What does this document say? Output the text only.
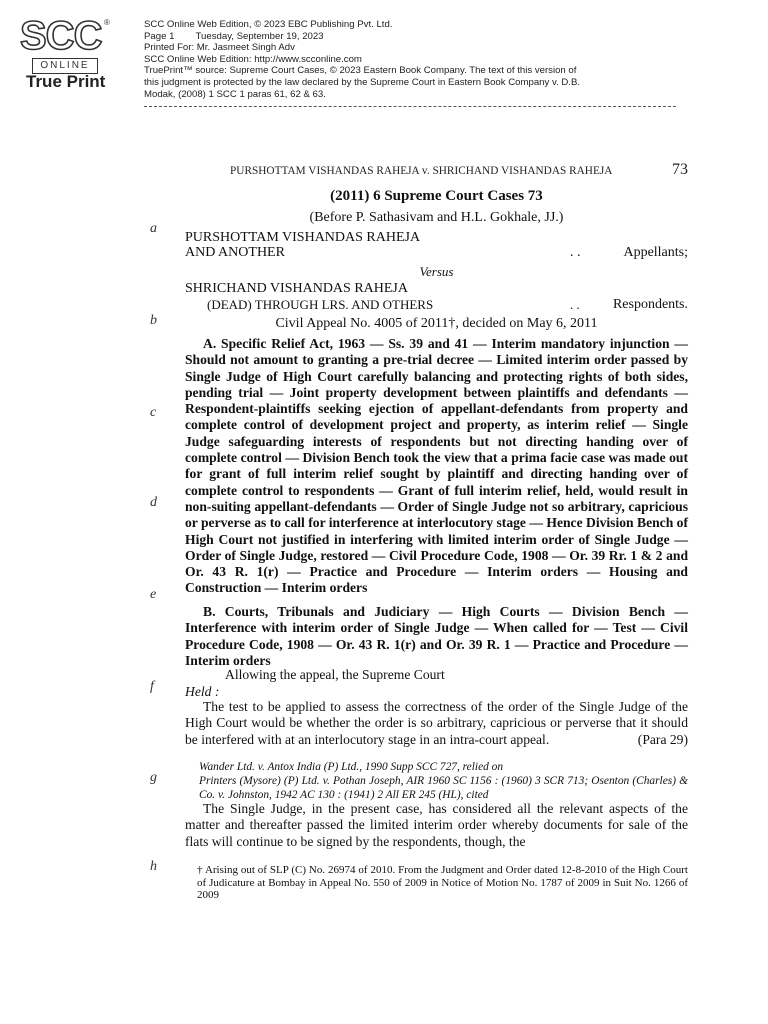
SCC ®
ONLINE
True Print
SCC Online Web Edition, © 2023 EBC Publishing Pvt. Ltd.
Page 1        Tuesday, September 19, 2023
Printed For: Mr. Jasmeet Singh Adv
SCC Online Web Edition: http://www.scconline.com
TruePrint™ source: Supreme Court Cases, © 2023 Eastern Book Company. The text of this version of
this judgment is protected by the law declared by the Supreme Court in Eastern Book Company v. D.B.
Modak, (2008) 1 SCC 1 paras 61, 62 & 63.
PURSHOTTAM VISHANDAS RAHEJA v. SHRICHAND VISHANDAS RAHEJA	73
a
b
c
d
e
f
g
h
(2011) 6 Supreme Court Cases 73
(Before P. Sathasivam and H.L. Gokhale, JJ.)
PURSHOTTAM VISHANDAS RAHEJA
AND ANOTHER	. .	Appellants;
Versus
SHRICHAND VISHANDAS RAHEJA
(DEAD) THROUGH LRS. AND OTHERS	. . Respondents.
Civil Appeal No. 4005 of 2011†, decided on May 6, 2011
A. Specific Relief Act, 1963 — Ss. 39 and 41 — Interim mandatory injunction — Should not amount to granting a pre-trial decree — Limited interim order passed by Single Judge of High Court carefully balancing and protecting rights of both sides, pending trial — Joint property development between plaintiffs and defendants — Respondent-plaintiffs seeking ejection of appellant-defendants from property and complete control of development project and property, as interim relief — Single Judge safeguarding interests of respondents but not directing handing over of complete control — Division Bench took the view that a prima facie case was made out for grant of full interim relief sought by plaintiff and directing handing over of complete control to respondents — Grant of full interim relief, held, would result in non-suiting appellant-defendants — Order of Single Judge not so arbitrary, capricious or perverse as to call for interference at interlocutory stage — Hence Division Bench of High Court not justified in interfering with limited interim order of Single Judge — Order of Single Judge, restored — Civil Procedure Code, 1908 — Or. 39 Rr. 1 & 2 and Or. 43 R. 1(r) — Practice and Procedure — Interim orders — Housing and Construction — Interim orders
B. Courts, Tribunals and Judiciary — High Courts — Division Bench — Interference with interim order of Single Judge — When called for — Test — Civil Procedure Code, 1908 — Or. 43 R. 1(r) and Or. 39 R. 1 — Practice and Procedure — Interim orders
Allowing the appeal, the Supreme Court
Held :
The test to be applied to assess the correctness of the order of the Single Judge of the High Court would be whether the order is so arbitrary, capricious or perverse that it should be interfered with at an interlocutory stage in an intra-court appeal.	(Para 29)
Wander Ltd. v. Antox India (P) Ltd., 1990 Supp SCC 727, relied on
Printers (Mysore) (P) Ltd. v. Pothan Joseph, AIR 1960 SC 1156 : (1960) 3 SCR 713; Osenton (Charles) & Co. v. Johnston, 1942 AC 130 : (1941) 2 All ER 245 (HL), cited
The Single Judge, in the present case, has considered all the relevant aspects of the matter and thereafter passed the limited interim order whereby documents for sale of the flats will continue to be signed by the respondents, though, the
† Arising out of SLP (C) No. 26974 of 2010. From the Judgment and Order dated 12-8-2010 of the High Court of Judicature at Bombay in Appeal No. 550 of 2009 in Notice of Motion No. 1787 of 2009 in Suit No. 1266 of 2009
